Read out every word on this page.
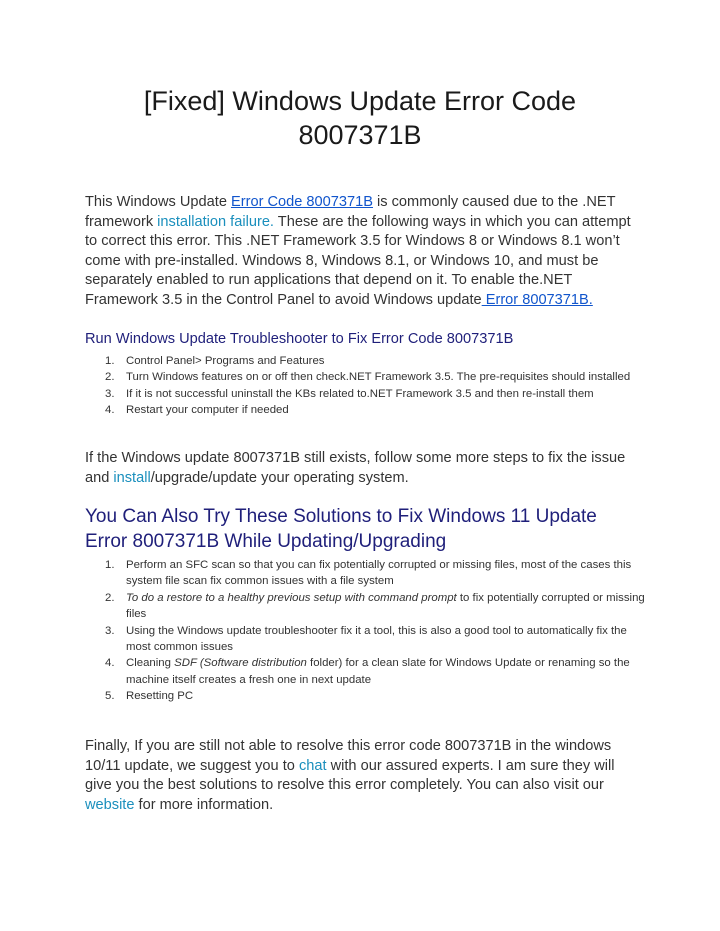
[Fixed] Windows Update Error Code
8007371B

This Windows Update Error Code 8007371B is commonly caused due to the .NET framework installation failure. These are the following ways in which you can attempt to correct this error. This .NET Framework 3.5 for Windows 8 or Windows 8.1 won’t come with pre-installed. Windows 8, Windows 8.1, or Windows 10, and must be separately enabled to run applications that depend on it. To enable the.NET Framework 3.5 in the Control Panel to avoid Windows update Error 8007371B.

Run Windows Update Troubleshooter to Fix Error Code 8007371B
1. Control Panel> Programs and Features
2. Turn Windows features on or off then check.NET Framework 3.5. The pre-requisites should installed
3. If it is not successful uninstall the KBs related to.NET Framework 3.5 and then re-install them
4. Restart your computer if needed

If the Windows update 8007371B still exists, follow some more steps to fix the issue and install/upgrade/update your operating system.

You Can Also Try These Solutions to Fix Windows 11 Update
Error 8007371B While Updating/Upgrading
1. Perform an SFC scan so that you can fix potentially corrupted or missing files, most of the cases this system file scan fix common issues with a file system
2. To do a restore to a healthy previous setup with command prompt to fix potentially corrupted or missing files
3. Using the Windows update troubleshooter fix it a tool, this is also a good tool to automatically fix the most common issues
4. Cleaning SDF (Software distribution folder) for a clean slate for Windows Update or renaming so the machine itself creates a fresh one in next update
5. Resetting PC

Finally, If you are still not able to resolve this error code 8007371B in the windows 10/11 update, we suggest you to chat with our assured experts. I am sure they will give you the best solutions to resolve this error completely. You can also visit our website for more information.
